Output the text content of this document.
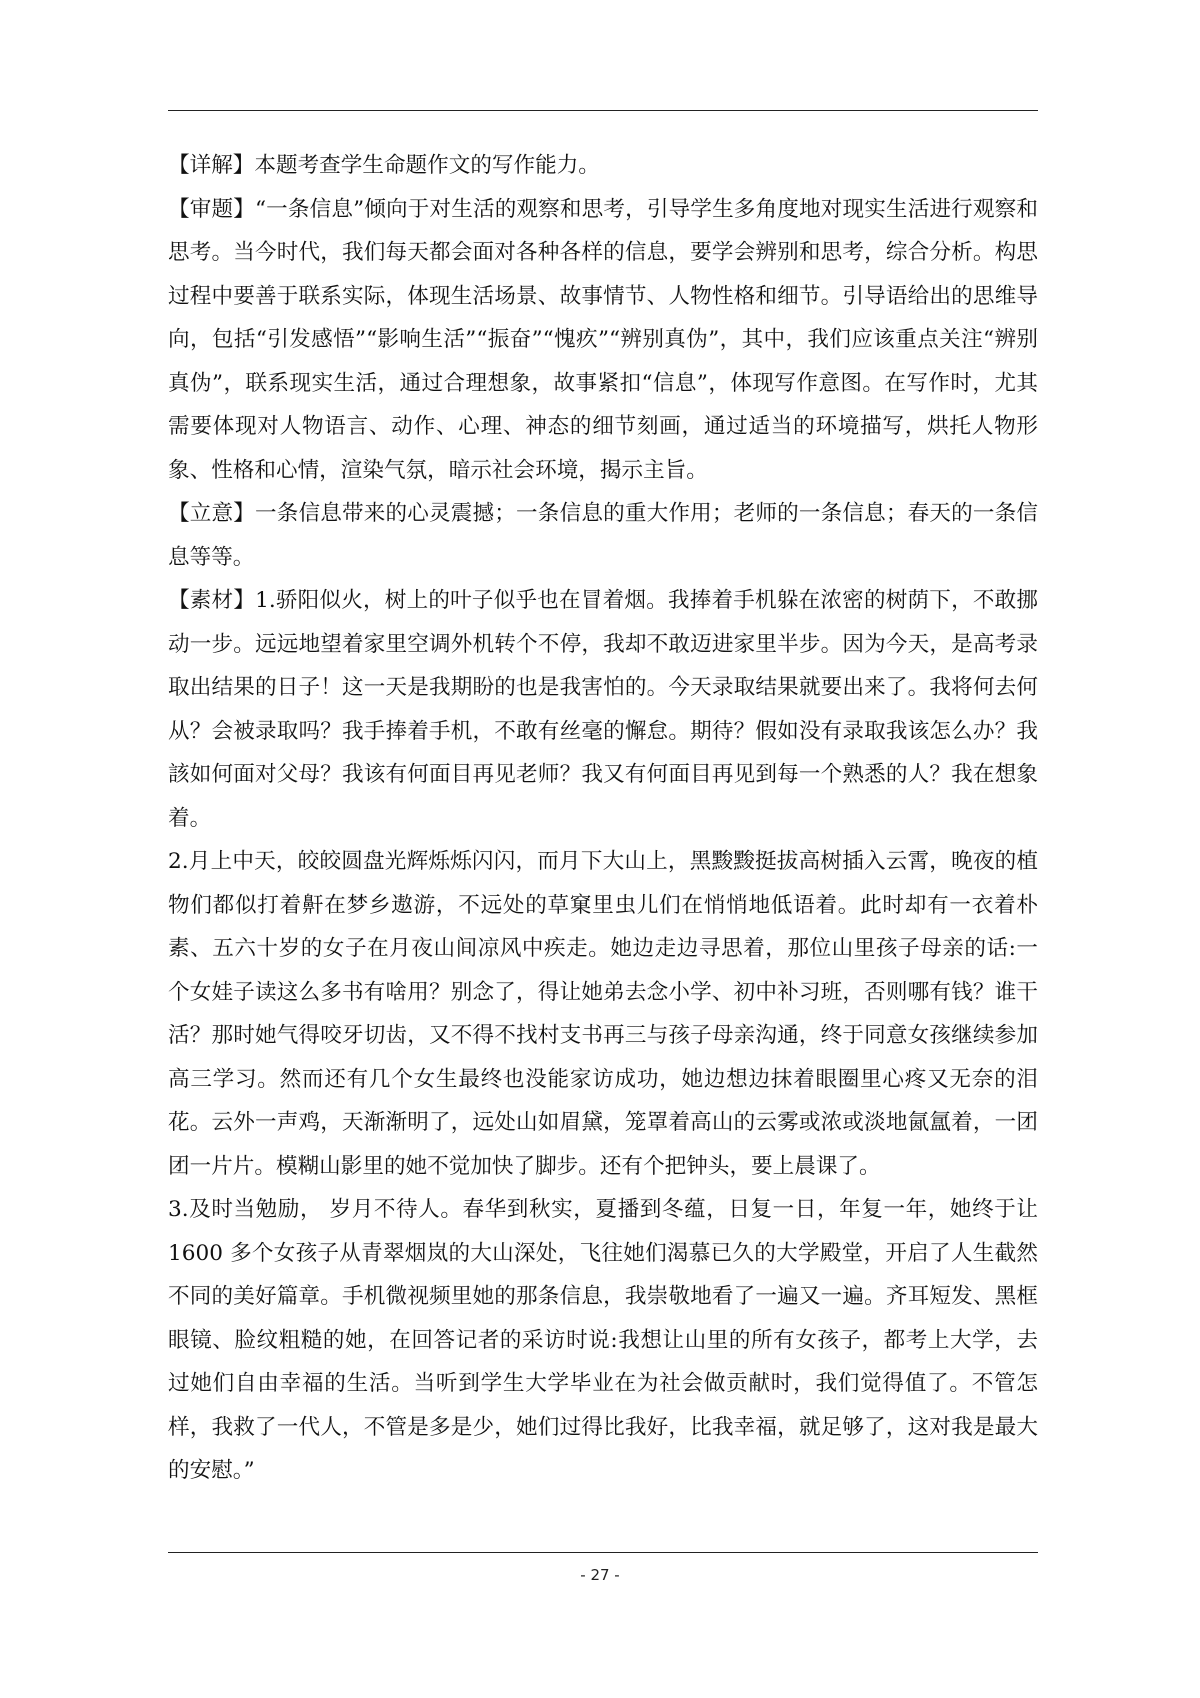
【详解】本题考查学生命题作文的写作能力。

【审题】“一条信息”倾向于对生活的观察和思考，引导学生多角度地对现实生活进行观察和思考。当今时代，我们每天都会面对各种各样的信息，要学会辨别和思考，综合分析。构思过程中要善于联系实际，体现生活场景、故事情节、人物性格和细节。引导语给出的思维导向，包括“引发感悟”“影响生活”“振奋”“愧疚”“辨别真伪”，其中，我们应该重点关注“辨别真伪”，联系现实生活，通过合理想象，故事紧扣“信息”，体现写作意图。在写作时，尤其需要体现对人物语言、动作、心理、神态的细节刻画，通过适当的环境描写，烘托人物形象、性格和心情，渲染气氛，暗示社会环境，揭示主旨。

【立意】一条信息带来的心灵震撼；一条信息的重大作用；老师的一条信息；春天的一条信息等等。

【素材】1.骄阳似火，树上的叶子似乎也在冒着烟。我捧着手机躲在浓密的树荫下，不敢挪动一步。远远地望着家里空调外机转个不停，我却不敢迈进家里半步。因为今天，是高考录取出结果的日子！这一天是我期盼的也是我害怕的。今天录取结果就要出来了。我将何去何从？会被录取吗？我手捧着手机，不敢有丝毫的懈怠。期待？假如没有录取我该怎么办？我該如何面对父母？我该有何面目再见老师？我又有何面目再见到每一个熟悉的人？我在想象着。

2.月上中天，皎皎圆盘光辉烁烁闪闪，而月下大山上，黑黢黢挺拔高树插入云霄，晚夜的植物们都似打着鼾在梦乡遨游，不远处的草窠里虫儿们在悄悄地低语着。此时却有一衣着朴素、五六十岁的女子在月夜山间凉风中疾走。她边走边寻思着，那位山里孩子母亲的话:一个女娃子读这么多书有啥用？别念了，得让她弟去念小学、初中补习班，否则哪有钱？谁干活？那时她气得咬牙切齿，又不得不找村支书再三与孩子母亲沟通，终于同意女孩继续参加高三学习。然而还有几个女生最终也没能家访成功，她边想边抹着眼圈里心疼又无奈的泪花。云外一声鸡，天渐渐明了，远处山如眉黛，笼罩着高山的云雾或浓或淡地氤氲着，一团团一片片。模糊山影里的她不觉加快了脚步。还有个把钟头，要上晨课了。

3.及时当勉励， 岁月不待人。春华到秋实，夏播到冬蕴，日复一日，年复一年，她终于让 1600 多个女孩子从青翠烟岚的大山深处，飞往她们渴慕已久的大学殿堂，开启了人生截然不同的美好篇章。手机微视频里她的那条信息，我崇敬地看了一遍又一遍。齐耳短发、黑框眼镜、脸纹粗糙的她，在回答记者的采访时说:我想让山里的所有女孩子，都考上大学，去过她们自由幸福的生活。当听到学生大学毕业在为社会做贡献时，我们觉得值了。不管怎样，我救了一代人，不管是多是少，她们过得比我好，比我幸福，就足够了，这对我是最大的安慰。”

- 27 -
